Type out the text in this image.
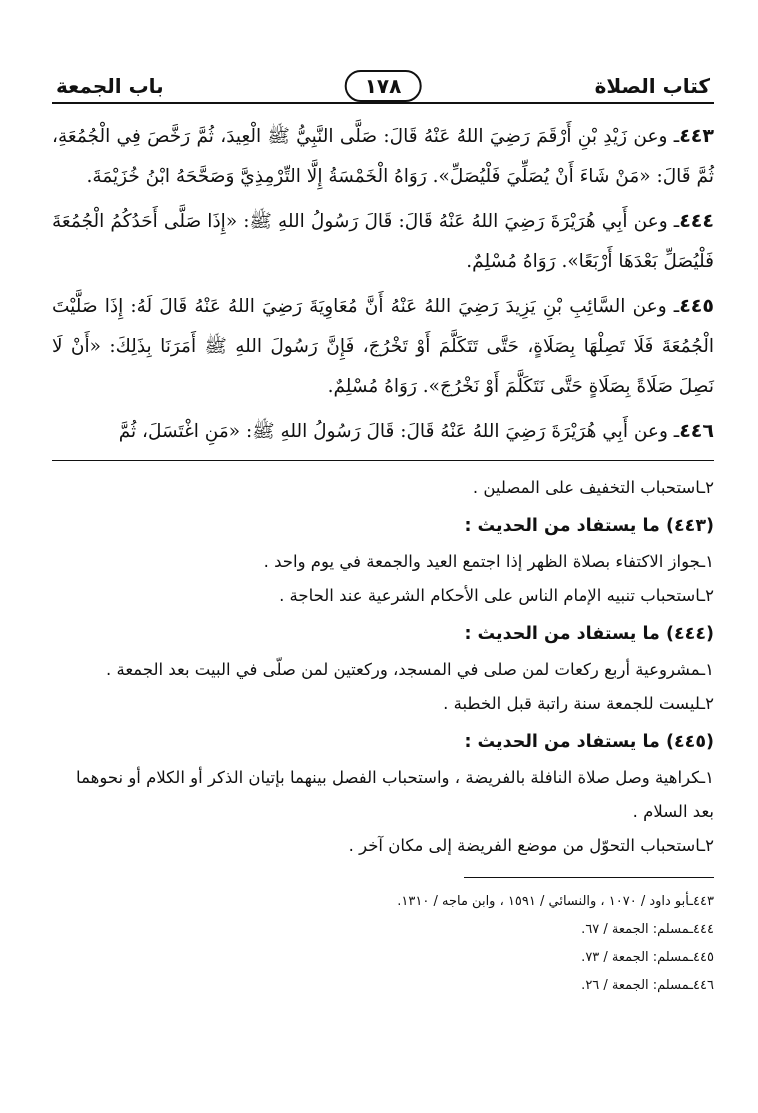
كتاب الصلاة
١٧٨
باب الجمعة

٤٤٣ـ وعن زَيْدِ بْنِ أَرْقَمَ رَضِيَ اللهُ عَنْهُ قَالَ: صَلَّى النَّبِيُّ ﷺ الْعِيدَ، ثُمَّ رَخَّصَ فِي الْجُمُعَةِ، ثُمَّ قَالَ: «مَنْ شَاءَ أَنْ يُصَلِّيَ فَلْيُصَلِّ». رَوَاهُ الْخَمْسَةُ إِلَّا التِّرْمِذِيَّ وَصَحَّحَهُ ابْنُ خُزَيْمَةَ.

٤٤٤ـ وعن أَبِي هُرَيْرَةَ رَضِيَ اللهُ عَنْهُ قَالَ: قَالَ رَسُولُ اللهِ ﷺ: «إِذَا صَلَّى أَحَدُكُمُ الْجُمُعَةَ فَلْيُصَلِّ بَعْدَهَا أَرْبَعًا». رَوَاهُ مُسْلِمٌ.

٤٤٥ـ وعن السَّائِبِ بْنِ يَزِيدَ رَضِيَ اللهُ عَنْهُ أَنَّ مُعَاوِيَةَ رَضِيَ اللهُ عَنْهُ قَالَ لَهُ: إِذَا صَلَّيْتَ الْجُمُعَةَ فَلَا تَصِلْهَا بِصَلَاةٍ، حَتَّى تَتَكَلَّمَ أَوْ تَخْرُجَ، فَإِنَّ رَسُولَ اللهِ ﷺ أَمَرَنَا بِذَلِكَ: «أَنْ لَا نَصِلَ صَلَاةً بِصَلَاةٍ حَتَّى نَتَكَلَّمَ أَوْ نَخْرُجَ». رَوَاهُ مُسْلِمٌ.

٤٤٦ـ وعن أَبِي هُرَيْرَةَ رَضِيَ اللهُ عَنْهُ قَالَ: قَالَ رَسُولُ اللهِ ﷺ: «مَنِ اغْتَسَلَ، ثُمَّ

٢ـاستحباب التخفيف على المصلين .

(٤٤٣) ما يستفاد من الحديث :

١ـجواز الاكتفاء بصلاة الظهر إذا اجتمع العيد والجمعة في يوم واحد .

٢ـاستحباب تنبيه الإمام الناس على الأحكام الشرعية عند الحاجة .

(٤٤٤) ما يستفاد من الحديث :

١ـمشروعية أربع ركعات لمن صلى في المسجد، وركعتين لمن صلّى في البيت بعد الجمعة .

٢ـليست للجمعة سنة راتبة قبل الخطبة .

(٤٤٥) ما يستفاد من الحديث :

١ـكراهية وصل صلاة النافلة بالفريضة ، واستحباب الفصل بينهما بإتيان الذكر أو الكلام أو نحوهما بعد السلام .

٢ـاستحباب التحوّل من موضع الفريضة إلى مكان آخر .

٤٤٣ـأبو داود / ١٠٧٠ ، والنسائي / ١٥٩١ ، وابن ماجه / ١٣١٠.

٤٤٤ـمسلم: الجمعة / ٦٧.

٤٤٥ـمسلم: الجمعة / ٧٣.

٤٤٦ـمسلم: الجمعة / ٢٦.
